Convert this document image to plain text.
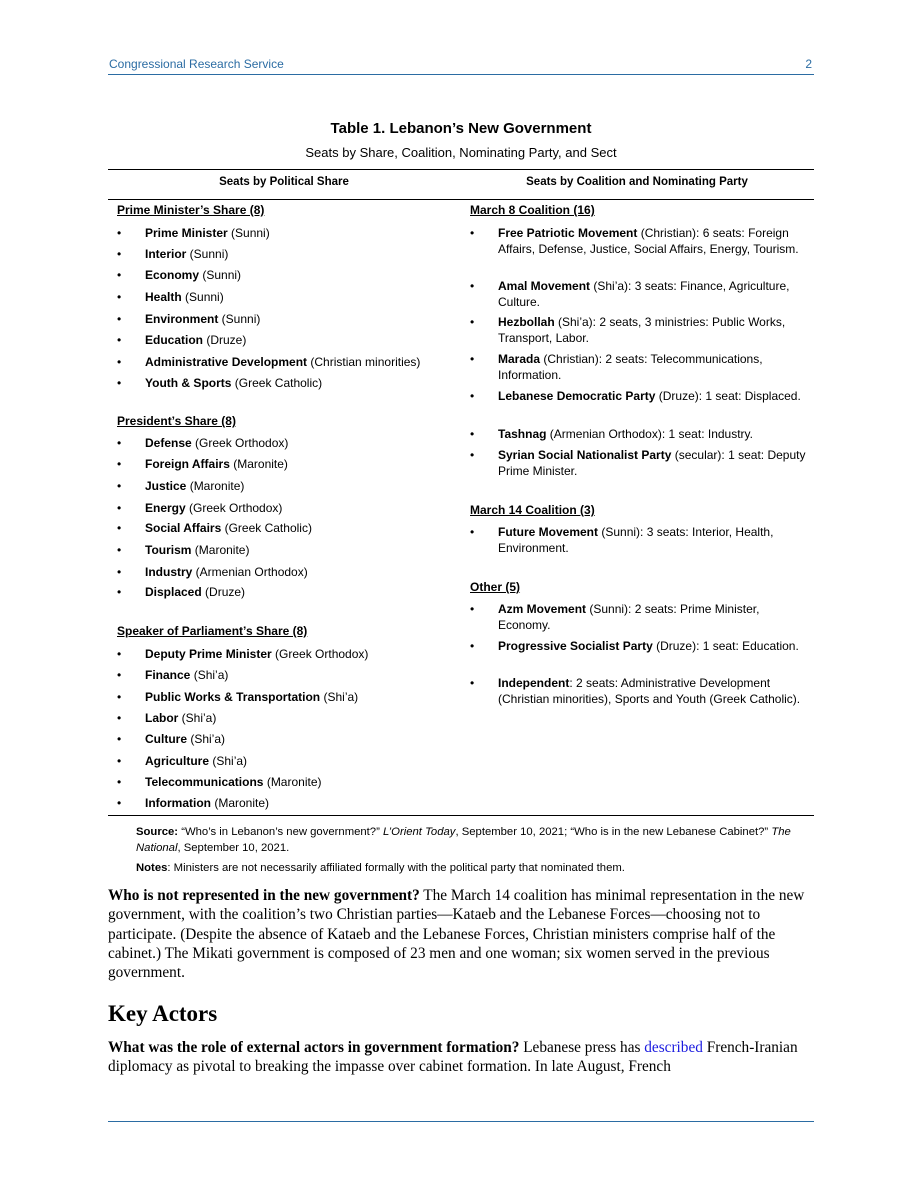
Congressional Research Service	2
Table 1. Lebanon’s New Government
Seats by Share, Coalition, Nominating Party, and Sect
Seats by Political Share	Seats by Coalition and Nominating Party
Prime Minister’s Share (8)
• Prime Minister (Sunni)
• Interior (Sunni)
• Economy (Sunni)
• Health (Sunni)
• Environment (Sunni)
• Education (Druze)
• Administrative Development (Christian minorities)
• Youth & Sports (Greek Catholic)
President’s Share (8)
• Defense (Greek Orthodox)
• Foreign Affairs (Maronite)
• Justice (Maronite)
• Energy (Greek Orthodox)
• Social Affairs (Greek Catholic)
• Tourism (Maronite)
• Industry (Armenian Orthodox)
• Displaced (Druze)
Speaker of Parliament’s Share (8)
• Deputy Prime Minister (Greek Orthodox)
• Finance (Shi’a)
• Public Works & Transportation (Shi’a)
• Labor (Shi’a)
• Culture (Shi’a)
• Agriculture (Shi’a)
• Telecommunications (Maronite)
• Information (Maronite)
March 8 Coalition (16)
• Free Patriotic Movement (Christian): 6 seats: Foreign Affairs, Defense, Justice, Social Affairs, Energy, Tourism.
• Amal Movement (Shi’a): 3 seats: Finance, Agriculture, Culture.
• Hezbollah (Shi’a): 2 seats, 3 ministries: Public Works, Transport, Labor.
• Marada (Christian): 2 seats: Telecommunications, Information.
• Lebanese Democratic Party (Druze): 1 seat: Displaced.
• Tashnag (Armenian Orthodox): 1 seat: Industry.
• Syrian Social Nationalist Party (secular): 1 seat: Deputy Prime Minister.
March 14 Coalition (3)
• Future Movement (Sunni): 3 seats: Interior, Health, Environment.
Other (5)
• Azm Movement (Sunni): 2 seats: Prime Minister, Economy.
• Progressive Socialist Party (Druze): 1 seat: Education.
• Independent: 2 seats: Administrative Development (Christian minorities), Sports and Youth (Greek Catholic).
Source: “Who’s in Lebanon’s new government?” L’Orient Today, September 10, 2021; “Who is in the new Lebanese Cabinet?” The National, September 10, 2021.
Notes: Ministers are not necessarily affiliated formally with the political party that nominated them.
Who is not represented in the new government? The March 14 coalition has minimal representation in the new government, with the coalition’s two Christian parties—Kataeb and the Lebanese Forces—choosing not to participate. (Despite the absence of Kataeb and the Lebanese Forces, Christian ministers comprise half of the cabinet.) The Mikati government is composed of 23 men and one woman; six women served in the previous government.
Key Actors
What was the role of external actors in government formation? Lebanese press has described French-Iranian diplomacy as pivotal to breaking the impasse over cabinet formation. In late August, French
